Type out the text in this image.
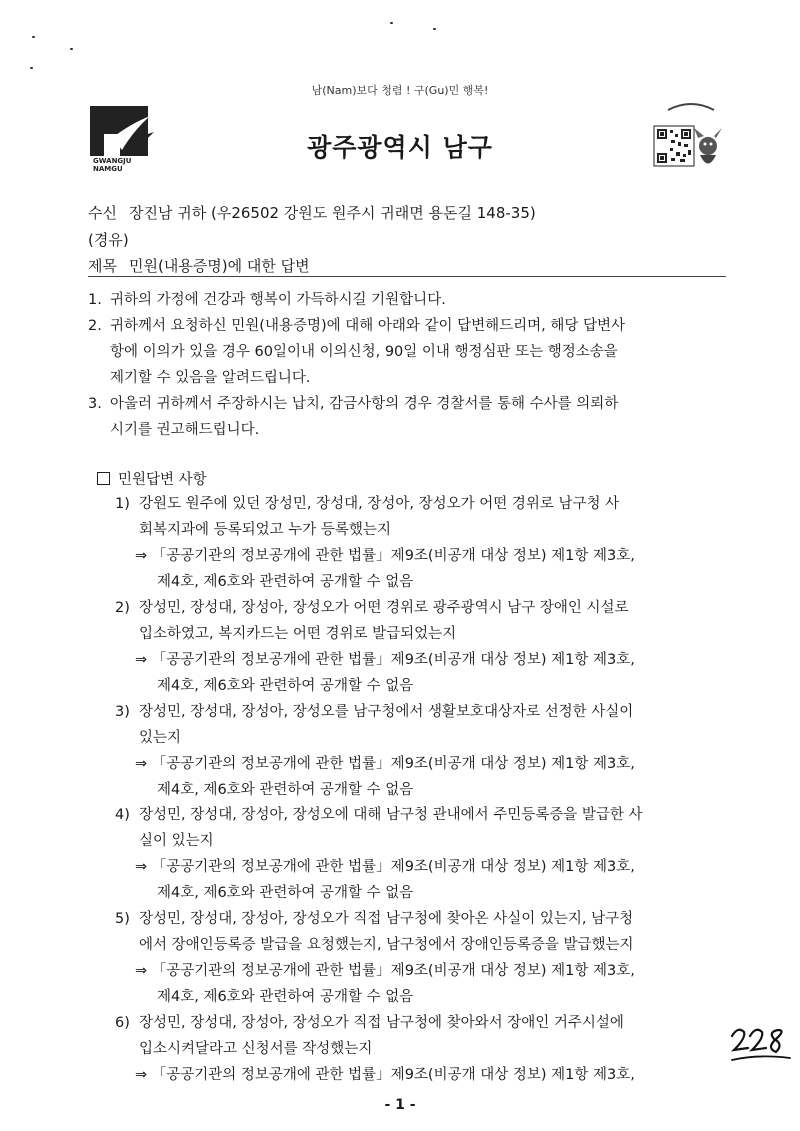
남(Nam)보다 청렴 ! 구(Gu)민 행복!
GWANGJU
NAMGU
광주광역시 남구
수신 장진남 귀하 (우26502 강원도 원주시 귀래면 용돈길 148-35)
(경유)
제목 민원(내용증명)에 대한 답변
1. 귀하의 가정에 건강과 행복이 가득하시길 기원합니다.
2. 귀하께서 요청하신 민원(내용증명)에 대해 아래와 같이 답변해드리며, 해당 답변사
항에 이의가 있을 경우 60일이내 이의신청, 90일 이내 행정심판 또는 행정소송을
제기할 수 있음을 알려드립니다.
3. 아울러 귀하께서 주장하시는 납치, 감금사항의 경우 경찰서를 통해 수사를 의뢰하
시기를 권고해드립니다.
민원답변 사항
1) 강원도 원주에 있던 장성민, 장성대, 장성아, 장성오가 어떤 경위로 남구청 사
회복지과에 등록되었고 누가 등록했는지
⇒ 「공공기관의 정보공개에 관한 법률」제9조(비공개 대상 정보) 제1항 제3호,
제4호, 제6호와 관련하여 공개할 수 없음
2) 장성민, 장성대, 장성아, 장성오가 어떤 경위로 광주광역시 남구 장애인 시설로
입소하였고, 복지카드는 어떤 경위로 발급되었는지
⇒ 「공공기관의 정보공개에 관한 법률」제9조(비공개 대상 정보) 제1항 제3호,
제4호, 제6호와 관련하여 공개할 수 없음
3) 장성민, 장성대, 장성아, 장성오를 남구청에서 생활보호대상자로 선정한 사실이
있는지
⇒ 「공공기관의 정보공개에 관한 법률」제9조(비공개 대상 정보) 제1항 제3호,
제4호, 제6호와 관련하여 공개할 수 없음
4) 장성민, 장성대, 장성아, 장성오에 대해 남구청 관내에서 주민등록증을 발급한 사
실이 있는지
⇒ 「공공기관의 정보공개에 관한 법률」제9조(비공개 대상 정보) 제1항 제3호,
제4호, 제6호와 관련하여 공개할 수 없음
5) 장성민, 장성대, 장성아, 장성오가 직접 남구청에 찾아온 사실이 있는지, 남구청
에서 장애인등록증 발급을 요청했는지, 남구청에서 장애인등록증을 발급했는지
⇒ 「공공기관의 정보공개에 관한 법률」제9조(비공개 대상 정보) 제1항 제3호,
제4호, 제6호와 관련하여 공개할 수 없음
6) 장성민, 장성대, 장성아, 장성오가 직접 남구청에 찾아와서 장애인 거주시설에
입소시켜달라고 신청서를 작성했는지
⇒ 「공공기관의 정보공개에 관한 법률」제9조(비공개 대상 정보) 제1항 제3호,
- 1 -
